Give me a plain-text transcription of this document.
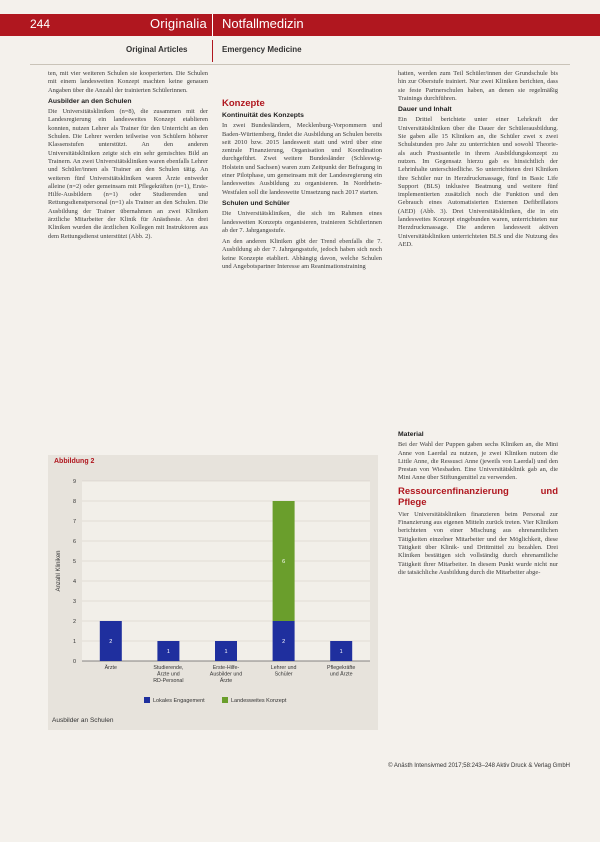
244	Originalia Notfallmedizin
Original Articles	Emergency Medicine

ten, mit vier weiteren Schulen sie kooperierten. Die Schulen mit einem landesweiten Konzept machten keine genauen Angaben über die Anzahl der trainierten Schülerinnen.

Ausbilder an den Schulen

Die Universitätskliniken (n=8), die zusammen mit der Landesregierung ein landesweites Konzept etablieren konnten, nutzen Lehrer als Trainer für den Unterricht an den Schulen. Die Lehrer werden teilweise von Schülern höherer Klassenstufen unterstützt. An den anderen Universitätskliniken zeigte sich ein sehr gemischtes Bild an Trainern. An zwei Universitätskliniken waren ebenfalls Lehrer und Schüler/innen als Trainer an den Schulen tätig. An weiteren fünf Universitätskliniken waren Ärzte entweder alleine (n=2) oder gemeinsam mit Pflegekräften (n=1), Erste-Hilfe-Ausbildern (n=1) oder Studierenden und Rettungsdienstpersonal (n=1) als Trainer an den Schulen. Die Ausbildung der Trainer übernahmen an zwei Kliniken ärztliche Mitarbeiter der Klinik für Anästhesie. An drei Kliniken wurden die ärztlichen Kollegen mit Instruktoren aus dem Rettungsdienst unterstützt (Abb. 2).

Konzepte
Kontinuität des Konzepts

In zwei Bundesländern, Mecklenburg-Vorpommern und Baden-Württemberg, findet die Ausbildung an Schulen bereits seit 2010 bzw. 2015 landesweit statt und wird über eine zentrale Finanzierung, Organisation und Koordination durchgeführt. Zwei weitere Bundesländer (Schleswig-Holstein und Sachsen) waren zum Zeitpunkt der Befragung in einer Pilotphase, um gemeinsam mit der Landesregierung ein landesweites Ausbildung zu organisieren. In Nordrhein-Westfalen soll die landesweite Umsetzung nach 2017 starten.

Schulen und Schüler

Die Universitätskliniken, die sich im Rahmen eines landesweiten Konzepts organisieren, trainieren Schülerinnen ab der 7. Jahrgangsstufe.

An den anderen Kliniken gibt der Trend ebenfalls die 7. Ausbildung ab der 7. Jahrgangsstufe, jedoch haben sich noch keine Konzepte etabliert. Abhängig davon, welche Schulen und Angebotspartner Interesse am Reanimationstraining

hatten, werden zum Teil Schüler/innen der Grundschule bis hin zur Oberstufe trainiert. Nur zwei Kliniken berichten, dass sie feste Partnerschulen haben, an denen sie regelmäßig Trainings durchführen.

Dauer und Inhalt

Ein Drittel berichtete unter einer Lehrkraft der Universitätskliniken über die Dauer der Schülerausbildung. Sie gaben alle 15 Kliniken an, die Schüler zwei x zwei Schulstunden pro Jahr zu unterrichten und sowohl Theorie- als auch Praxisanteile in ihrem Ausbildungskonzept zu nutzen. Im Gegensatz hierzu gab es hinsichtlich der Lehrinhalte unterschiedliche. So unterrichteten drei Kliniken ihre Schüler nur in Herzdruckmassage, fünf in Basic Life Support (BLS) inklusive Beatmung und weitere fünf implementierten zusätzlich noch die Funktion und den Gebrauch eines Automatisierten Externen Defibrillators (AED) (Abb. 3). Drei Universitätskliniken, die in ein landesweites Konzept eingebunden waren, unterrichteten nur Herzdruckmassage. Die anderen landesweit aktiven Universitätskliniken unterrichteten BLS und die Nutzung des AED.

Material

Bei der Wahl der Puppen gaben sechs Kliniken an, die Mini Anne von Laerdal zu nutzen, je zwei Kliniken nutzen die Little Anne, die Ressusci Anne (jeweils von Laerdal) und den Prestan von Wiesbaden. Eine Universitätsklinik gab an, die Mini Anne über Stiftungsmittel zu verwenden.

Ressourcenfinanzierung und Pflege

Vier Universitätskliniken finanzieren beim Personal zur Finanzierung aus eigenen Mitteln zurück treten. Vier Kliniken berichteten von einer Mischung aus ehrenamtlichen Tätigkeiten einzelner Mitarbeiter und der Möglichkeit, diese Tätigkeit über Klinik- und Drittmittel zu bezahlen. Drei Kliniken bestätigen sich vollständig durch ehrenamtliche Tätigkeit ihrer Mitarbeiter. In diesem Punkt wurde nicht nur die tatsächliche Ausbildung durch die Mitarbeiter abge-

Abbildung 2
0
1
2
3
4
5
6
7
8
9
Anzahl Kliniken
2
Ärzte
1
Studierende,
Ärzte und
RD-Personal
1
Erste-Hilfe-
Ausbilder und
Ärzte
2
6
Lehrer und
Schüler
1
Pflegekräfte
und Ärzte
Lokales Engagement	Landesweites Konzept
Ausbilder an Schulen
© Anästh Intensivmed 2017;58:243–248 Aktiv Druck & Verlag GmbH
